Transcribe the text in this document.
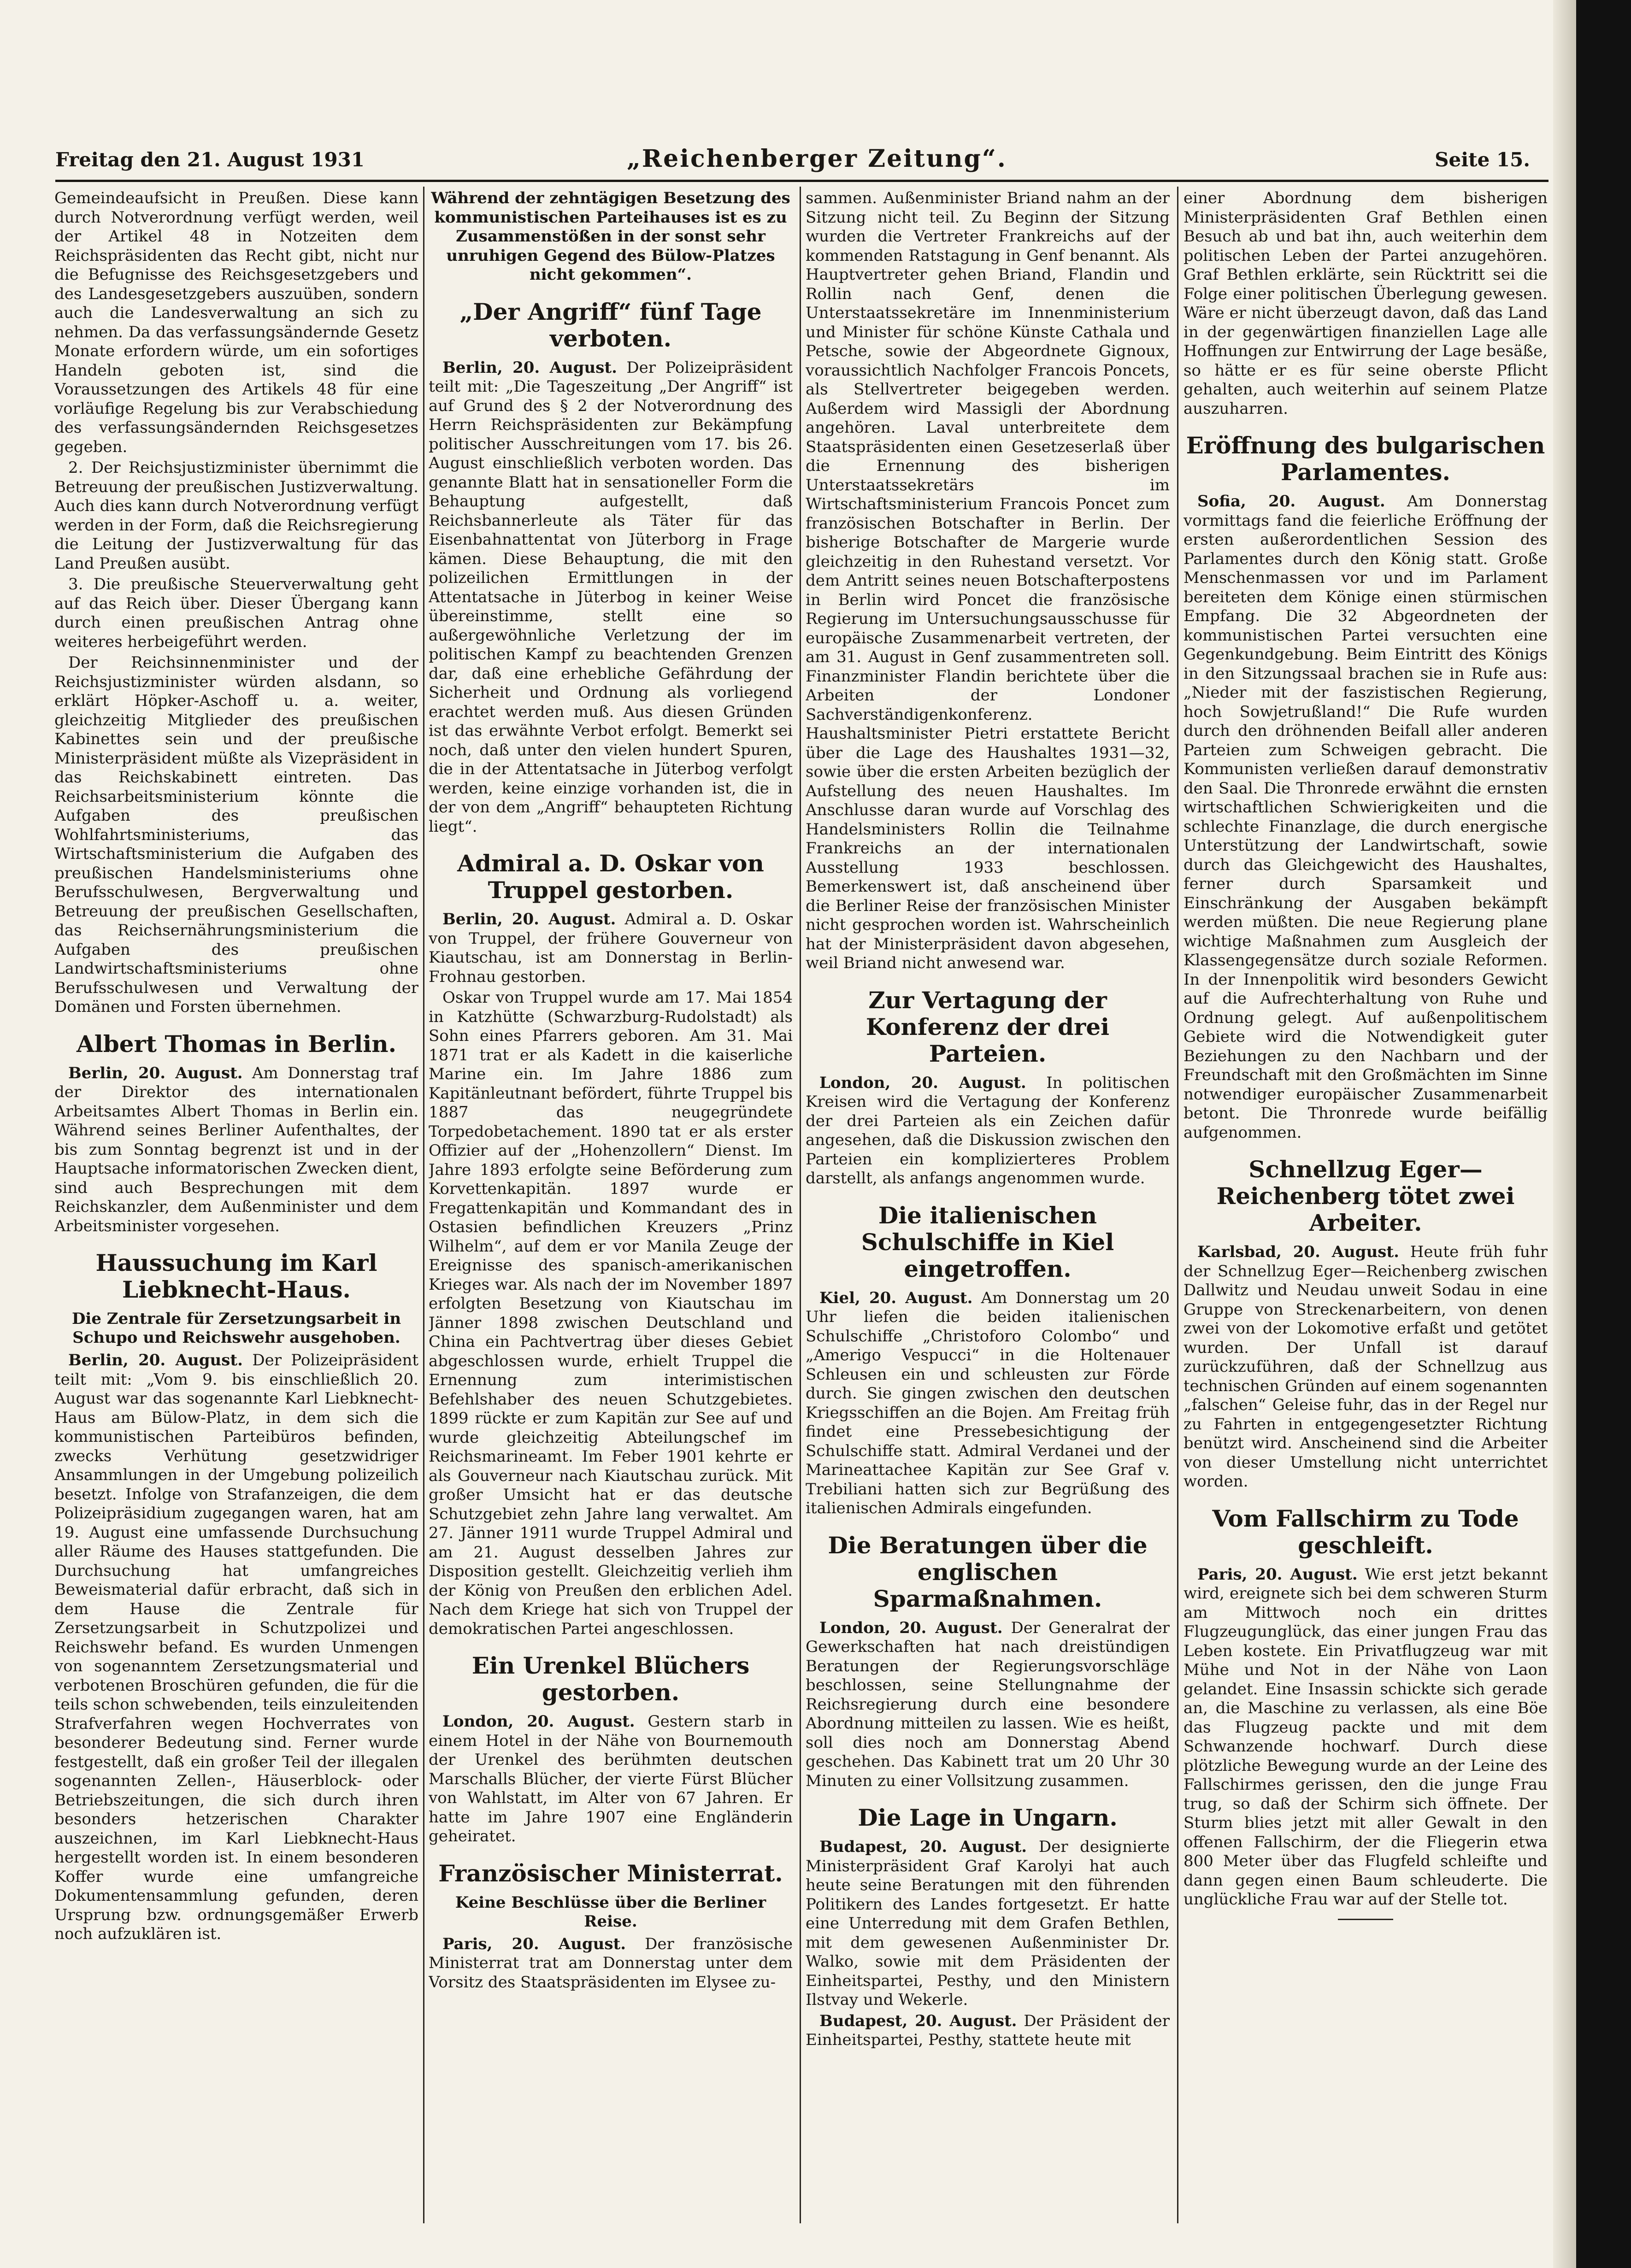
Freitag den 21. August 1931	„Reichenberger Zeitung“.	Seite 15.

Gemeindeaufsicht in Preußen. Diese kann durch Notverordnung verfügt werden, weil der Artikel 48 in Notzeiten dem Reichspräsidenten das Recht gibt, nicht nur die Befugnisse des Reichsgesetzgebers und des Landesgesetzgebers auszuüben, sondern auch die Landesverwaltung an sich zu nehmen. Da das verfassungsändernde Gesetz Monate erfordern würde, um ein sofortiges Handeln geboten ist, sind die Voraussetzungen des Artikels 48 für eine vorläufige Regelung bis zur Verabschiedung des verfassungsändernden Reichsgesetzes gegeben.

2. Der Reichsjustizminister übernimmt die Betreuung der preußischen Justizverwaltung. Auch dies kann durch Notverordnung verfügt werden in der Form, daß die Reichsregierung die Leitung der Justizverwaltung für das Land Preußen ausübt.

3. Die preußische Steuerverwaltung geht auf das Reich über. Dieser Übergang kann durch einen preußischen Antrag ohne weiteres herbeigeführt werden.

Der Reichsinnenminister und der Reichsjustizminister würden alsdann, so erklärt Höpker-Aschoff u. a. weiter, gleichzeitig Mitglieder des preußischen Kabinettes sein und der preußische Ministerpräsident müßte als Vizepräsident in das Reichskabinett eintreten. Das Reichsarbeitsministerium könnte die Aufgaben des preußischen Wohlfahrtsministeriums, das Wirtschaftsministerium die Aufgaben des preußischen Handelsministeriums ohne Berufsschulwesen, Bergverwaltung und Betreuung der preußischen Gesellschaften, das Reichsernährungsministerium die Aufgaben des preußischen Landwirtschaftsministeriums ohne Berufsschulwesen und Verwaltung der Domänen und Forsten übernehmen.

Albert Thomas in Berlin.

Berlin, 20. August. Am Donnerstag traf der Direktor des internationalen Arbeitsamtes Albert Thomas in Berlin ein. Während seines Berliner Aufenthaltes, der bis zum Sonntag begrenzt ist und in der Hauptsache informatorischen Zwecken dient, sind auch Besprechungen mit dem Reichskanzler, dem Außenminister und dem Arbeitsminister vorgesehen.

Haussuchung im Karl Liebknecht-Haus.
Die Zentrale für Zersetzungsarbeit in Schupo und Reichswehr ausgehoben.

Berlin, 20. August. Der Polizeipräsident teilt mit: „Vom 9. bis einschließlich 20. August war das sogenannte Karl Liebknecht-Haus am Bülow-Platz, in dem sich die kommunistischen Parteibüros befinden, zwecks Verhütung gesetzwidriger Ansammlungen in der Umgebung polizeilich besetzt. Infolge von Strafanzeigen, die dem Polizeipräsidium zugegangen waren, hat am 19. August eine umfassende Durchsuchung aller Räume des Hauses stattgefunden. Die Durchsuchung hat umfangreiches Beweismaterial dafür erbracht, daß sich in dem Hause die Zentrale für Zersetzungsarbeit in Schutzpolizei und Reichswehr befand. Es wurden Unmengen von sogenanntem Zersetzungsmaterial und verbotenen Broschüren gefunden, die für die teils schon schwebenden, teils einzuleitenden Strafverfahren wegen Hochverrates von besonderer Bedeutung sind. Ferner wurde festgestellt, daß ein großer Teil der illegalen sogenannten Zellen-, Häuserblock- oder Betriebszeitungen, die sich durch ihren besonders hetzerischen Charakter auszeichnen, im Karl Liebknecht-Haus hergestellt worden ist. In einem besonderen Koffer wurde eine umfangreiche Dokumentensammlung gefunden, deren Ursprung bzw. ordnungsgemäßer Erwerb noch aufzuklären ist.

Während der zehntägigen Besetzung des kommunistischen Parteihauses ist es zu Zusammenstößen in der sonst sehr unruhigen Gegend des Bülow-Platzes nicht gekommen“.

„Der Angriff“ fünf Tage verboten.

Berlin, 20. August. Der Polizeipräsident teilt mit: „Die Tageszeitung „Der Angriff“ ist auf Grund des § 2 der Notverordnung des Herrn Reichspräsidenten zur Bekämpfung politischer Ausschreitungen vom 17. bis 26. August einschließlich verboten worden. Das genannte Blatt hat in sensationeller Form die Behauptung aufgestellt, daß Reichsbannerleute als Täter für das Eisenbahnattentat von Jüterborg in Frage kämen. Diese Behauptung, die mit den polizeilichen Ermittlungen in der Attentatsache in Jüterbog in keiner Weise übereinstimme, stellt eine so außergewöhnliche Verletzung der im politischen Kampf zu beachtenden Grenzen dar, daß eine erhebliche Gefährdung der Sicherheit und Ordnung als vorliegend erachtet werden muß. Aus diesen Gründen ist das erwähnte Verbot erfolgt. Bemerkt sei noch, daß unter den vielen hundert Spuren, die in der Attentatsache in Jüterbog verfolgt werden, keine einzige vorhanden ist, die in der von dem „Angriff“ behaupteten Richtung liegt“.

Admiral a. D. Oskar von Truppel gestorben.

Berlin, 20. August. Admiral a. D. Oskar von Truppel, der frühere Gouverneur von Kiautschau, ist am Donnerstag in Berlin-Frohnau gestorben.

Oskar von Truppel wurde am 17. Mai 1854 in Katzhütte (Schwarzburg-Rudolstadt) als Sohn eines Pfarrers geboren. Am 31. Mai 1871 trat er als Kadett in die kaiserliche Marine ein. Im Jahre 1886 zum Kapitänleutnant befördert, führte Truppel bis 1887 das neugegründete Torpedobetachement. 1890 tat er als erster Offizier auf der „Hohenzollern“ Dienst. Im Jahre 1893 erfolgte seine Beförderung zum Korvettenkapitän. 1897 wurde er Fregattenkapitän und Kommandant des in Ostasien befindlichen Kreuzers „Prinz Wilhelm“, auf dem er vor Manila Zeuge der Ereignisse des spanisch-amerikanischen Krieges war. Als nach der im November 1897 erfolgten Besetzung von Kiautschau im Jänner 1898 zwischen Deutschland und China ein Pachtvertrag über dieses Gebiet abgeschlossen wurde, erhielt Truppel die Ernennung zum interimistischen Befehlshaber des neuen Schutzgebietes. 1899 rückte er zum Kapitän zur See auf und wurde gleichzeitig Abteilungschef im Reichsmarineamt. Im Feber 1901 kehrte er als Gouverneur nach Kiautschau zurück. Mit großer Umsicht hat er das deutsche Schutzgebiet zehn Jahre lang verwaltet. Am 27. Jänner 1911 wurde Truppel Admiral und am 21. August desselben Jahres zur Disposition gestellt. Gleichzeitig verlieh ihm der König von Preußen den erblichen Adel. Nach dem Kriege hat sich von Truppel der demokratischen Partei angeschlossen.

Ein Urenkel Blüchers gestorben.

London, 20. August. Gestern starb in einem Hotel in der Nähe von Bournemouth der Urenkel des berühmten deutschen Marschalls Blücher, der vierte Fürst Blücher von Wahlstatt, im Alter von 67 Jahren. Er hatte im Jahre 1907 eine Engländerin geheiratet.

Französischer Ministerrat.
Keine Beschlüsse über die Berliner Reise.

Paris, 20. August. Der französische Ministerrat trat am Donnerstag unter dem Vorsitz des Staatspräsidenten im Elysee zu-

sammen. Außenminister Briand nahm an der Sitzung nicht teil. Zu Beginn der Sitzung wurden die Vertreter Frankreichs auf der kommenden Ratstagung in Genf benannt. Als Hauptvertreter gehen Briand, Flandin und Rollin nach Genf, denen die Unterstaatssekretäre im Innenministerium und Minister für schöne Künste Cathala und Petsche, sowie der Abgeordnete Gignoux, voraussichtlich Nachfolger Francois Poncets, als Stellvertreter beigegeben werden. Außerdem wird Massigli der Abordnung angehören. Laval unterbreitete dem Staatspräsidenten einen Gesetzeserlaß über die Ernennung des bisherigen Unterstaatssekretärs im Wirtschaftsministerium Francois Poncet zum französischen Botschafter in Berlin. Der bisherige Botschafter de Margerie wurde gleichzeitig in den Ruhestand versetzt. Vor dem Antritt seines neuen Botschafterpostens in Berlin wird Poncet die französische Regierung im Untersuchungsausschusse für europäische Zusammenarbeit vertreten, der am 31. August in Genf zusammentreten soll. Finanzminister Flandin berichtete über die Arbeiten der Londoner Sachverständigenkonferenz. Haushaltsminister Pietri erstattete Bericht über die Lage des Haushaltes 1931—32, sowie über die ersten Arbeiten bezüglich der Aufstellung des neuen Haushaltes. Im Anschlusse daran wurde auf Vorschlag des Handelsministers Rollin die Teilnahme Frankreichs an der internationalen Ausstellung 1933 beschlossen. Bemerkenswert ist, daß anscheinend über die Berliner Reise der französischen Minister nicht gesprochen worden ist. Wahrscheinlich hat der Ministerpräsident davon abgesehen, weil Briand nicht anwesend war.

Zur Vertagung der Konferenz der drei Parteien.

London, 20. August. In politischen Kreisen wird die Vertagung der Konferenz der drei Parteien als ein Zeichen dafür angesehen, daß die Diskussion zwischen den Parteien ein komplizierteres Problem darstellt, als anfangs angenommen wurde.

Die italienischen Schulschiffe in Kiel eingetroffen.

Kiel, 20. August. Am Donnerstag um 20 Uhr liefen die beiden italienischen Schulschiffe „Christoforo Colombo“ und „Amerigo Vespucci“ in die Holtenauer Schleusen ein und schleusten zur Förde durch. Sie gingen zwischen den deutschen Kriegsschiffen an die Bojen. Am Freitag früh findet eine Pressebesichtigung der Schulschiffe statt. Admiral Verdanei und der Marineattachee Kapitän zur See Graf v. Trebiliani hatten sich zur Begrüßung des italienischen Admirals eingefunden.

Die Beratungen über die englischen Sparmaßnahmen.

London, 20. August. Der Generalrat der Gewerkschaften hat nach dreistündigen Beratungen der Regierungsvorschläge beschlossen, seine Stellungnahme der Reichsregierung durch eine besondere Abordnung mitteilen zu lassen. Wie es heißt, soll dies noch am Donnerstag Abend geschehen. Das Kabinett trat um 20 Uhr 30 Minuten zu einer Vollsitzung zusammen.

Die Lage in Ungarn.

Budapest, 20. August. Der designierte Ministerpräsident Graf Karolyi hat auch heute seine Beratungen mit den führenden Politikern des Landes fortgesetzt. Er hatte eine Unterredung mit dem Grafen Bethlen, mit dem gewesenen Außenminister Dr. Walko, sowie mit dem Präsidenten der Einheitspartei, Pesthy, und den Ministern Ilstvay und Wekerle.

Budapest, 20. August. Der Präsident der Einheitspartei, Pesthy, stattete heute mit

einer Abordnung dem bisherigen Ministerpräsidenten Graf Bethlen einen Besuch ab und bat ihn, auch weiterhin dem politischen Leben der Partei anzugehören. Graf Bethlen erklärte, sein Rücktritt sei die Folge einer politischen Überlegung gewesen. Wäre er nicht überzeugt davon, daß das Land in der gegenwärtigen finanziellen Lage alle Hoffnungen zur Entwirrung der Lage besäße, so hätte er es für seine oberste Pflicht gehalten, auch weiterhin auf seinem Platze auszuharren.

Eröffnung des bulgarischen Parlamentes.

Sofia, 20. August. Am Donnerstag vormittags fand die feierliche Eröffnung der ersten außerordentlichen Session des Parlamentes durch den König statt. Große Menschenmassen vor und im Parlament bereiteten dem Könige einen stürmischen Empfang. Die 32 Abgeordneten der kommunistischen Partei versuchten eine Gegenkundgebung. Beim Eintritt des Königs in den Sitzungssaal brachen sie in Rufe aus: „Nieder mit der faszistischen Regierung, hoch Sowjetrußland!“ Die Rufe wurden durch den dröhnenden Beifall aller anderen Parteien zum Schweigen gebracht. Die Kommunisten verließen darauf demonstrativ den Saal. Die Thronrede erwähnt die ernsten wirtschaftlichen Schwierigkeiten und die schlechte Finanzlage, die durch energische Unterstützung der Landwirtschaft, sowie durch das Gleichgewicht des Haushaltes, ferner durch Sparsamkeit und Einschränkung der Ausgaben bekämpft werden müßten. Die neue Regierung plane wichtige Maßnahmen zum Ausgleich der Klassengegensätze durch soziale Reformen. In der Innenpolitik wird besonders Gewicht auf die Aufrechterhaltung von Ruhe und Ordnung gelegt. Auf außenpolitischem Gebiete wird die Notwendigkeit guter Beziehungen zu den Nachbarn und der Freundschaft mit den Großmächten im Sinne notwendiger europäischer Zusammenarbeit betont. Die Thronrede wurde beifällig aufgenommen.

Schnellzug Eger—Reichenberg tötet zwei Arbeiter.

Karlsbad, 20. August. Heute früh fuhr der Schnellzug Eger—Reichenberg zwischen Dallwitz und Neudau unweit Sodau in eine Gruppe von Streckenarbeitern, von denen zwei von der Lokomotive erfaßt und getötet wurden. Der Unfall ist darauf zurückzuführen, daß der Schnellzug aus technischen Gründen auf einem sogenannten „falschen“ Geleise fuhr, das in der Regel nur zu Fahrten in entgegengesetzter Richtung benützt wird. Anscheinend sind die Arbeiter von dieser Umstellung nicht unterrichtet worden.

Vom Fallschirm zu Tode geschleift.

Paris, 20. August. Wie erst jetzt bekannt wird, ereignete sich bei dem schweren Sturm am Mittwoch noch ein drittes Flugzeugunglück, das einer jungen Frau das Leben kostete. Ein Privatflugzeug war mit Mühe und Not in der Nähe von Laon gelandet. Eine Insassin schickte sich gerade an, die Maschine zu verlassen, als eine Böe das Flugzeug packte und mit dem Schwanzende hochwarf. Durch diese plötzliche Bewegung wurde an der Leine des Fallschirmes gerissen, den die junge Frau trug, so daß der Schirm sich öffnete. Der Sturm blies jetzt mit aller Gewalt in den offenen Fallschirm, der die Fliegerin etwa 800 Meter über das Flugfeld schleifte und dann gegen einen Baum schleuderte. Die unglückliche Frau war auf der Stelle tot.
